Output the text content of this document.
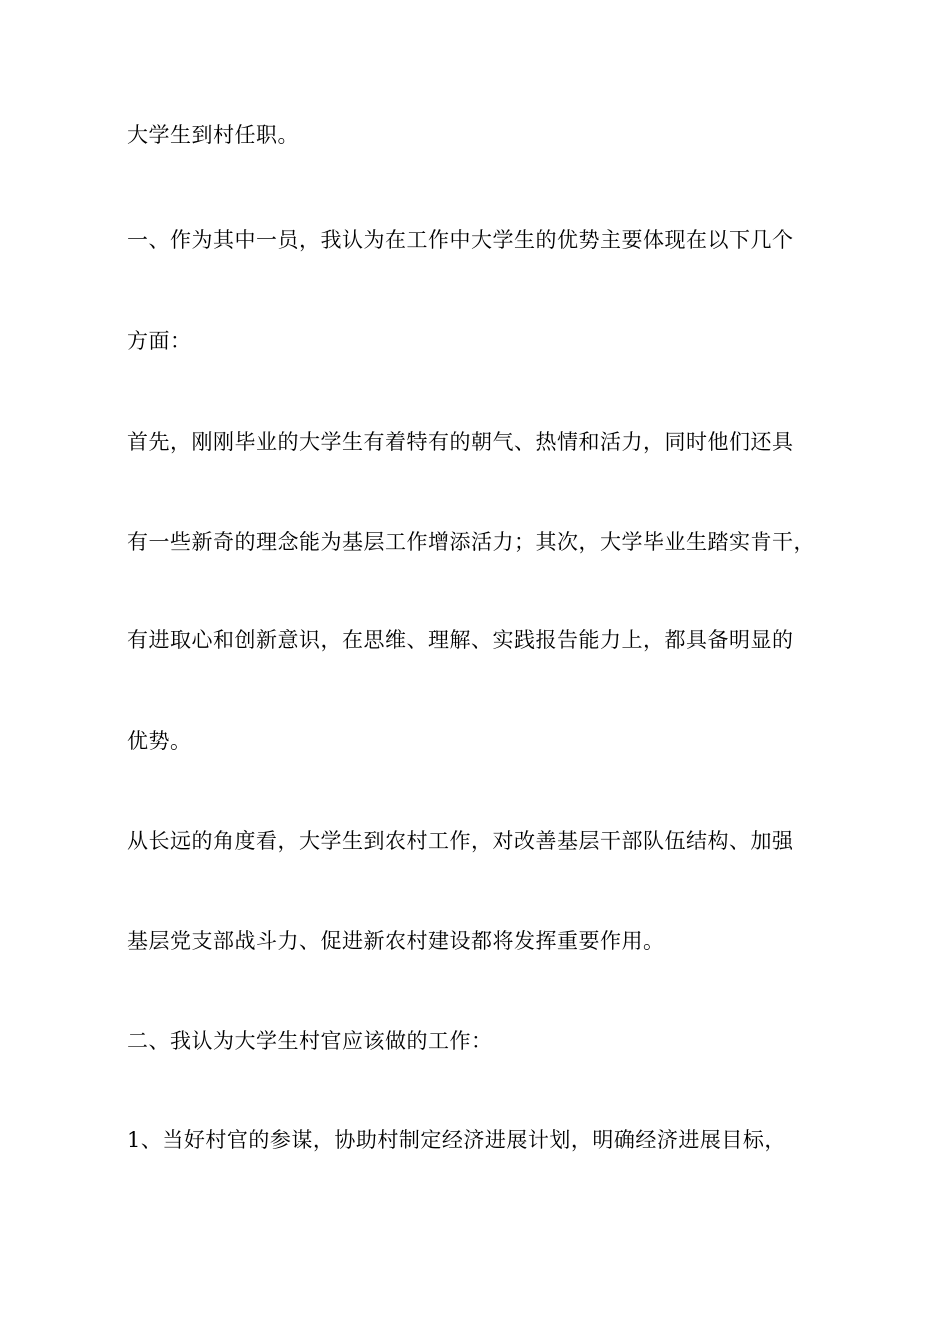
大学生到村任职。
一、作为其中一员，我认为在工作中大学生的优势主要体现在以下几个
方面：
首先，刚刚毕业的大学生有着特有的朝气、热情和活力，同时他们还具
有一些新奇的理念能为基层工作增添活力；其次，大学毕业生踏实肯干，
有进取心和创新意识，在思维、理解、实践报告能力上，都具备明显的
优势。
从长远的角度看，大学生到农村工作，对改善基层干部队伍结构、加强
基层党支部战斗力、促进新农村建设都将发挥重要作用。
二、我认为大学生村官应该做的工作：
1、当好村官的参谋，协助村制定经济进展计划，明确经济进展目标，
